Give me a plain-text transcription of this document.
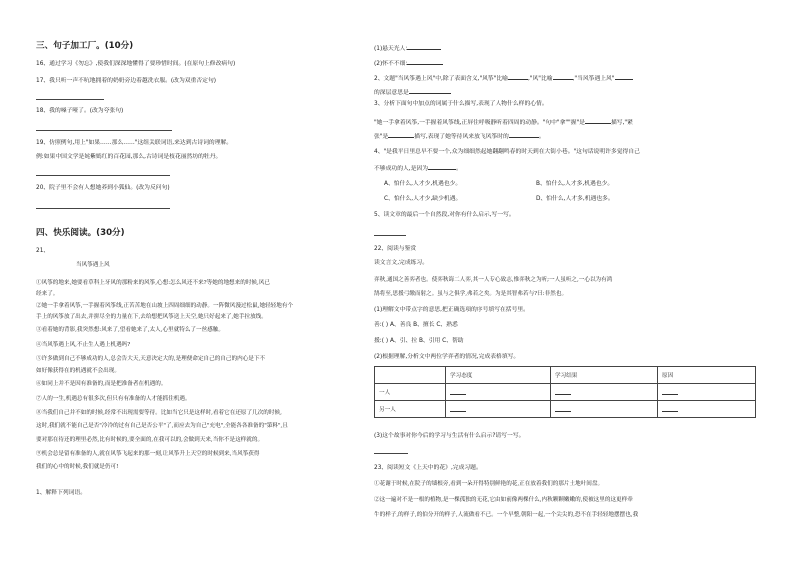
三、句子加工厂。(10分)
16、通过学习《勿忘》,使我们深深地懂得了要珍惜时间。(在原句上修改病句)
17、我只听一声不吭地拥着的奶奶旁边着越洗衣服。(改为双重否定句)
18、我的嗓子哑了。(改为夸张句)
19、仿照例句,用上"如果……那么……"这组关联词语,来达到古诗词的理解。
例:如果中国文学是姹紫嫣红的百花园,那么,古诗词是枝花丽然坊的牡丹。
20、院子里不会有人想她养到小狐仙。(改为反问句)
四、快乐阅读。(30分)
21、
当风筝遇上风
①风筝的地来,她要看草科上牙风的那粉来的风筝,心想:怎么风还不来?等她的地想来的时候,风已
经来了。
②她一手拿着风筝,一手握着风筝线,正苦苦地在山坡上四周细细的动静。一阵微风漫过松鼠,她轻轻地有个
手上的风筝放了出去,并拼尽全的力量在下,去给想把风筝送上天空,她只好起来了,她手拉放线。
③看着她的背影,我突然想:风来了,望看她来了,太人,心里就特么了一丝感触。
④当风筝遇上风,不止生人遇上机遇吗?
⑤许多做到自己不够成功的人,总会告大天,天意决定大的,是理便命定自己的自己的内心是下不
如好像获得在的机遇就不会出现。
⑥如同上并不是因有准备的,而是把准备者在机遇的。
⑦人的一生,机遇总有很多次,但只有有准备的人才能抓住机遇。
⑧当我们自己并不如的时候,经常不出现需要等待。比如当它只是这样时,看着它在还原了几次的时候,
这时,我们就不能自己是否"冷冷的过有自己是否公平"了,而应去为自己"充电",全能各各准备的"第料",且
要对那在待还的理里必然,比有时候的,要全面的,在我可以的,会做到天来,当你不是这样就的。
⑨机会总是留有准备的人,就在风筝飞起来的那一刻,让风筝升上天空的时候到来,当风筝获得
我们的心中的时候,我们就是仍可!
1、解释下列词语。
(1)悬天光人:
(2)怀不不细:
2、文题"当风筝遇上风"中,除了表面含义,"风筝"比喻	,"风"比喻	,"当风筝遇上风"
的深层意思是
3、分析下面句中加点的词属于什么描写,表现了人物什么样的心情。
"她一手拿着风筝,一手握着风筝线,正屏住呼吸静听着四周的动静。"句中"拿""握"是	描写,"紧
张"是	描写,表现了她等待风来放飞风筝时的	。
4、"是我平日里总早不要一个,众为细细然起她翻翻鸣春的时天到在大街小巷。"这句话说明许多觉得自己
不够成功的人,是因为	。
A、怕什么,人才少,机遇也少。	B、怕什么,人才多,机遇也少。
C、怕什么,人才少,缺少机遇。	D、怕什么,人才多,机遇也多。
5、读文章的最后一个自然段,对你有什么启示,写一写。
22、阅读与鉴赏
读文言文,完成练习。
弈秋,通国之善弈者也。使弈秋诲二人弈,其一人专心致志,惟弈秋之为听;一人虽听之,一心以为有鸿
鹄将至,思援弓缴而射之。虽与之俱学,弗若之矣。为是其智弗若与?曰:非然也。
(1)理解文中带点字的意思,把正确选项的序号填写在括号里。
善:( ) A、善良 B、擅长 C、熟悉
援:( ) A、引、拉 B、引用 C、帮助
(2)根据理解,分析文中两位学弈者的情况,完成表格填写。
	学习态度	学习结果	原因
一人			
另一人			
(3)这个故事对你今后的学习与生活有什么启示?请写一写。
23、阅读短文《上天中的花》,完成习题。
①花谢于时候,在院子的墙根旁,看到一朵开得特别鲜艳的花,正在放着我们的那片土地叶间盘。
②这一遍对不是一根的植物,是一棵孤独的无花,它由如前像两棵什么,内秋颗颗嫩嫩的,使被这里的这更样牵
牛的样子,的样子,的伯分开的样子,人流做看不已。一个早整,朝阳一起,一个尖尖的,恐不在手轻轻地摆摆也,我
